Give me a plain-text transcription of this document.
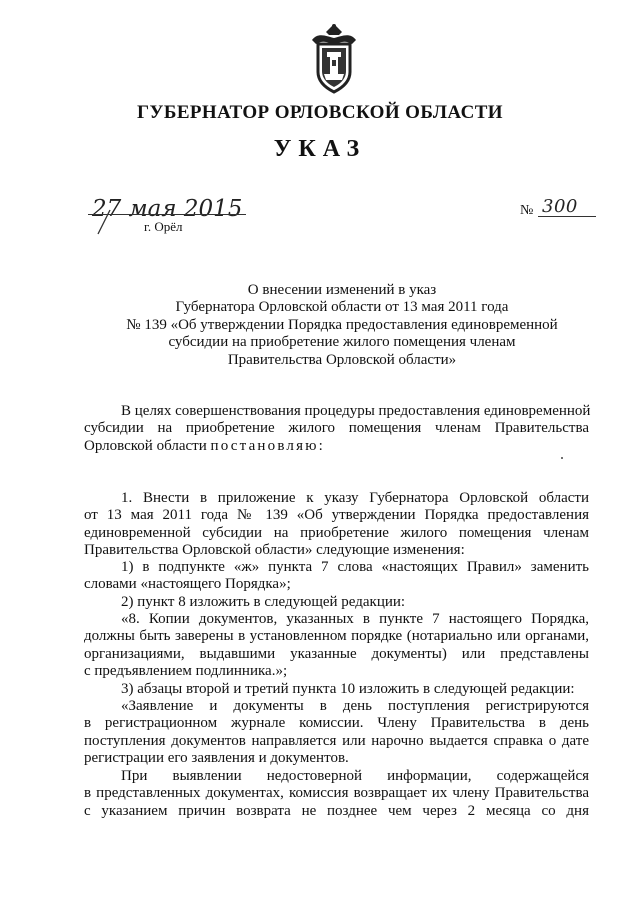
ГУБЕРНАТОР ОРЛОВСКОЙ ОБЛАСТИ
УКАЗ
27 мая 2015
г. Орёл
№ 300
О внесении изменений в указ
Губернатора Орловской области от 13 мая 2011 года
№ 139 «Об утверждении Порядка предоставления единовременной
субсидии на приобретение жилого помещения членам
Правительства Орловской области»
В целях совершенствования процедуры предоставления единовременной
субсидии на приобретение жилого помещения членам Правительства
Орловской области постановляю:
1. Внести в приложение к указу Губернатора Орловской области
от 13 мая 2011 года № 139 «Об утверждении Порядка предоставления
единовременной субсидии на приобретение жилого помещения членам
Правительства Орловской области» следующие изменения:
1) в подпункте «ж» пункта 7 слова «настоящих Правил» заменить
словами «настоящего Порядка»;
2) пункт 8 изложить в следующей редакции:
«8. Копии документов, указанных в пункте 7 настоящего Порядка,
должны быть заверены в установленном порядке (нотариально или органами,
организациями, выдавшими указанные документы) или представлены
с предъявлением подлинника.»;
3) абзацы второй и третий пункта 10 изложить в следующей редакции:
«Заявление и документы в день поступления регистрируются
в регистрационном журнале комиссии. Члену Правительства в день
поступления документов направляется или нарочно выдается справка о дате
регистрации его заявления и документов.
При выявлении недостоверной информации, содержащейся
в представленных документах, комиссия возвращает их члену Правительства
с указанием причин возврата не позднее чем через 2 месяца со дня
